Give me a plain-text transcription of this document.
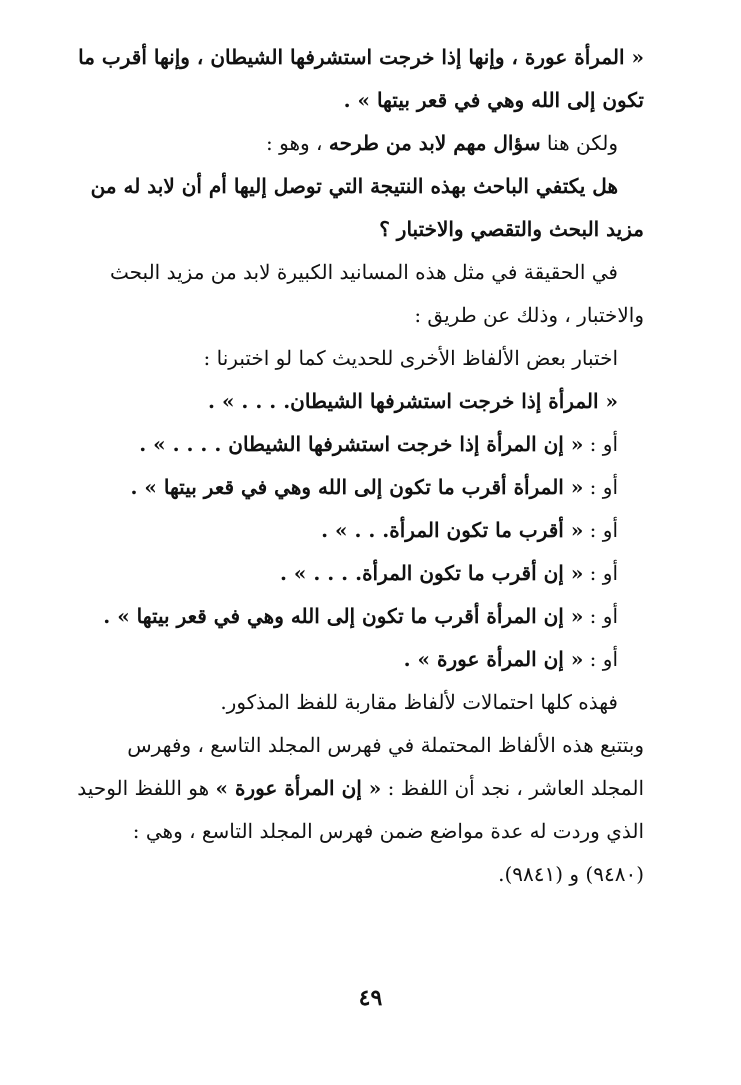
« المرأة عورة ، وإنها إذا خرجت استشرفها الشيطان ، وإنها أقرب ما

تكون إلى الله وهي في قعر بيتها » .

ولكن هنا سؤال مهم لابد من طرحه ، وهو :

هل يكتفي الباحث بهذه النتيجة التي توصل إليها أم أن لابد له من

مزيد البحث والتقصي والاختبار ؟

في الحقيقة في مثل هذه المسانيد الكبيرة لابد من مزيد البحث

والاختبار ، وذلك عن طريق :

اختبار بعض الألفاظ الأخرى للحديث كما لو اختبرنا :

« المرأة إذا خرجت استشرفها الشيطان. . . . » .

أو : « إن المرأة إذا خرجت استشرفها الشيطان . . . . » .

أو : « المرأة أقرب ما تكون إلى الله وهي في قعر بيتها » .

أو : « أقرب ما تكون المرأة. . . » .

أو : « إن أقرب ما تكون المرأة. . . . » .

أو : « إن المرأة أقرب ما تكون إلى الله وهي في قعر بيتها » .

أو : « إن المرأة عورة » .

فهذه كلها احتمالات لألفاظ مقاربة للفظ المذكور.

وبتتبع هذه الألفاظ المحتملة في فهرس المجلد التاسع ، وفهرس

المجلد العاشر ، نجد أن اللفظ : « إن المرأة عورة » هو اللفظ الوحيد

الذي وردت له عدة مواضع ضمن فهرس المجلد التاسع ، وهي :

(٩٤٨٠) و (٩٨٤١).

٤٩
